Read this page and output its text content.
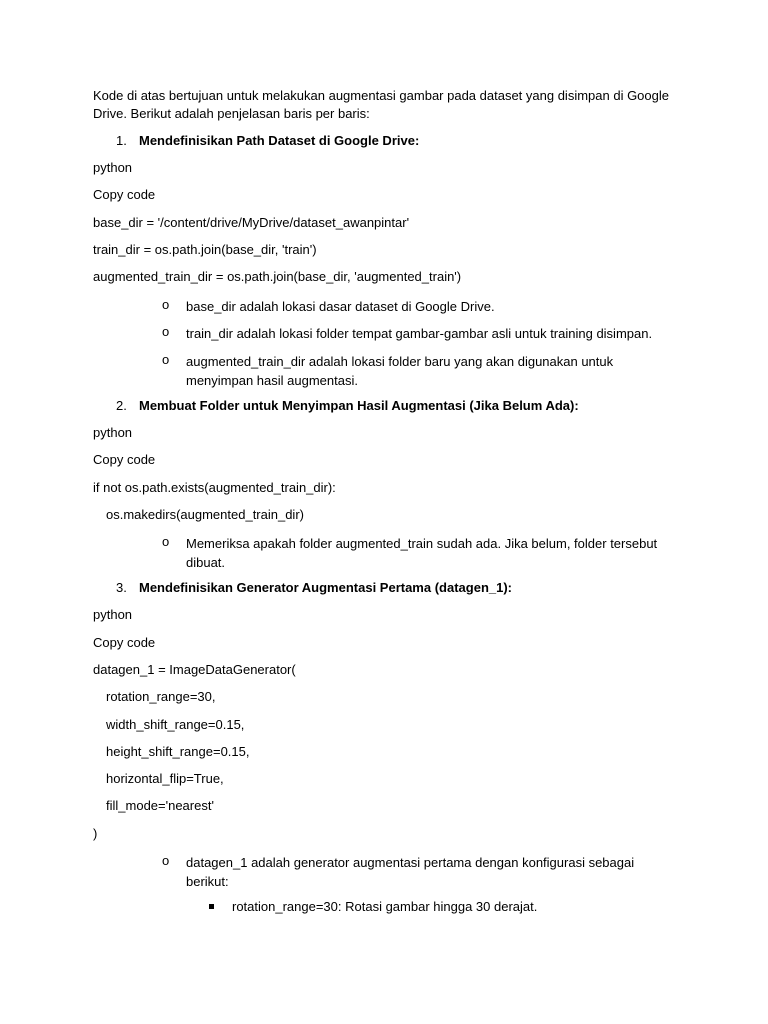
Kode di atas bertujuan untuk melakukan augmentasi gambar pada dataset yang disimpan di Google Drive. Berikut adalah penjelasan baris per baris:
1. Mendefinisikan Path Dataset di Google Drive:
python
Copy code
base_dir = '/content/drive/MyDrive/dataset_awanpintar'
train_dir = os.path.join(base_dir, 'train')
augmented_train_dir = os.path.join(base_dir, 'augmented_train')
o base_dir adalah lokasi dasar dataset di Google Drive.
o train_dir adalah lokasi folder tempat gambar-gambar asli untuk training disimpan.
o augmented_train_dir adalah lokasi folder baru yang akan digunakan untuk menyimpan hasil augmentasi.
2. Membuat Folder untuk Menyimpan Hasil Augmentasi (Jika Belum Ada):
python
Copy code
if not os.path.exists(augmented_train_dir):
os.makedirs(augmented_train_dir)
o Memeriksa apakah folder augmented_train sudah ada. Jika belum, folder tersebut dibuat.
3. Mendefinisikan Generator Augmentasi Pertama (datagen_1):
python
Copy code
datagen_1 = ImageDataGenerator(
rotation_range=30,
width_shift_range=0.15,
height_shift_range=0.15,
horizontal_flip=True,
fill_mode='nearest'
)
o datagen_1 adalah generator augmentasi pertama dengan konfigurasi sebagai berikut:
rotation_range=30: Rotasi gambar hingga 30 derajat.
